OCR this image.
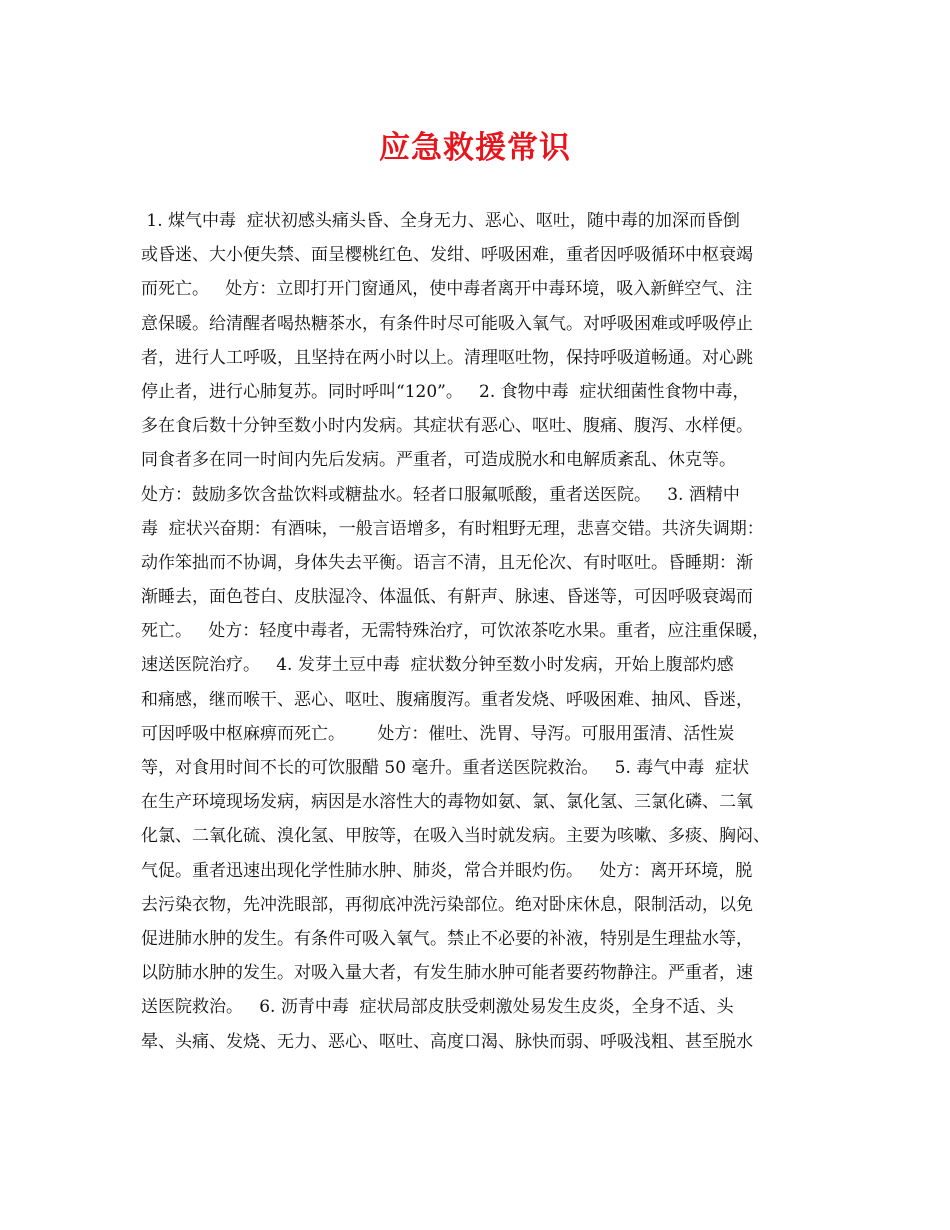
应急救援常识
1. 煤气中毒  症状初感头痛头昏、全身无力、恶心、呕吐，随中毒的加深而昏倒
或昏迷、大小便失禁、面呈樱桃红色、发绀、呼吸困难，重者因呼吸循环中枢衰竭
而死亡。   处方：立即打开门窗通风，使中毒者离开中毒环境，吸入新鲜空气、注
意保暖。给清醒者喝热糖茶水，有条件时尽可能吸入氧气。对呼吸困难或呼吸停止
者，进行人工呼吸，且坚持在两小时以上。清理呕吐物，保持呼吸道畅通。对心跳
停止者，进行心肺复苏。同时呼叫“120”。   2. 食物中毒  症状细菌性食物中毒，
多在食后数十分钟至数小时内发病。其症状有恶心、呕吐、腹痛、腹泻、水样便。
同食者多在同一时间内先后发病。严重者，可造成脱水和电解质紊乱、休克等。
处方：鼓励多饮含盐饮料或糖盐水。轻者口服氟哌酸，重者送医院。   3. 酒精中
毒  症状兴奋期：有酒味，一般言语增多，有时粗野无理，悲喜交错。共济失调期：
动作笨拙而不协调，身体失去平衡。语言不清，且无伦次、有时呕吐。昏睡期：渐
渐睡去，面色苍白、皮肤湿冷、体温低、有鼾声、脉速、昏迷等，可因呼吸衰竭而
死亡。   处方：轻度中毒者，无需特殊治疗，可饮浓茶吃水果。重者，应注重保暖，
速送医院治疗。   4. 发芽土豆中毒  症状数分钟至数小时发病，开始上腹部灼感
和痛感，继而喉干、恶心、呕吐、腹痛腹泻。重者发烧、呼吸困难、抽风、昏迷，
可因呼吸中枢麻痹而死亡。      处方：催吐、洗胃、导泻。可服用蛋清、活性炭
等，对食用时间不长的可饮服醋 50 毫升。重者送医院救治。   5. 毒气中毒  症状
在生产环境现场发病，病因是水溶性大的毒物如氨、氯、氯化氢、三氯化磷、二氧
化氯、二氧化硫、溴化氢、甲胺等，在吸入当时就发病。主要为咳嗽、多痰、胸闷、
气促。重者迅速出现化学性肺水肿、肺炎，常合并眼灼伤。   处方：离开环境，脱
去污染衣物，先冲洗眼部，再彻底冲洗污染部位。绝对卧床休息，限制活动，以免
促进肺水肿的发生。有条件可吸入氧气。禁止不必要的补液，特别是生理盐水等，
以防肺水肿的发生。对吸入量大者，有发生肺水肿可能者要药物静注。严重者，速
送医院救治。   6. 沥青中毒  症状局部皮肤受刺激处易发生皮炎，全身不适、头
晕、头痛、发烧、无力、恶心、呕吐、高度口渴、脉快而弱、呼吸浅粗、甚至脱水
